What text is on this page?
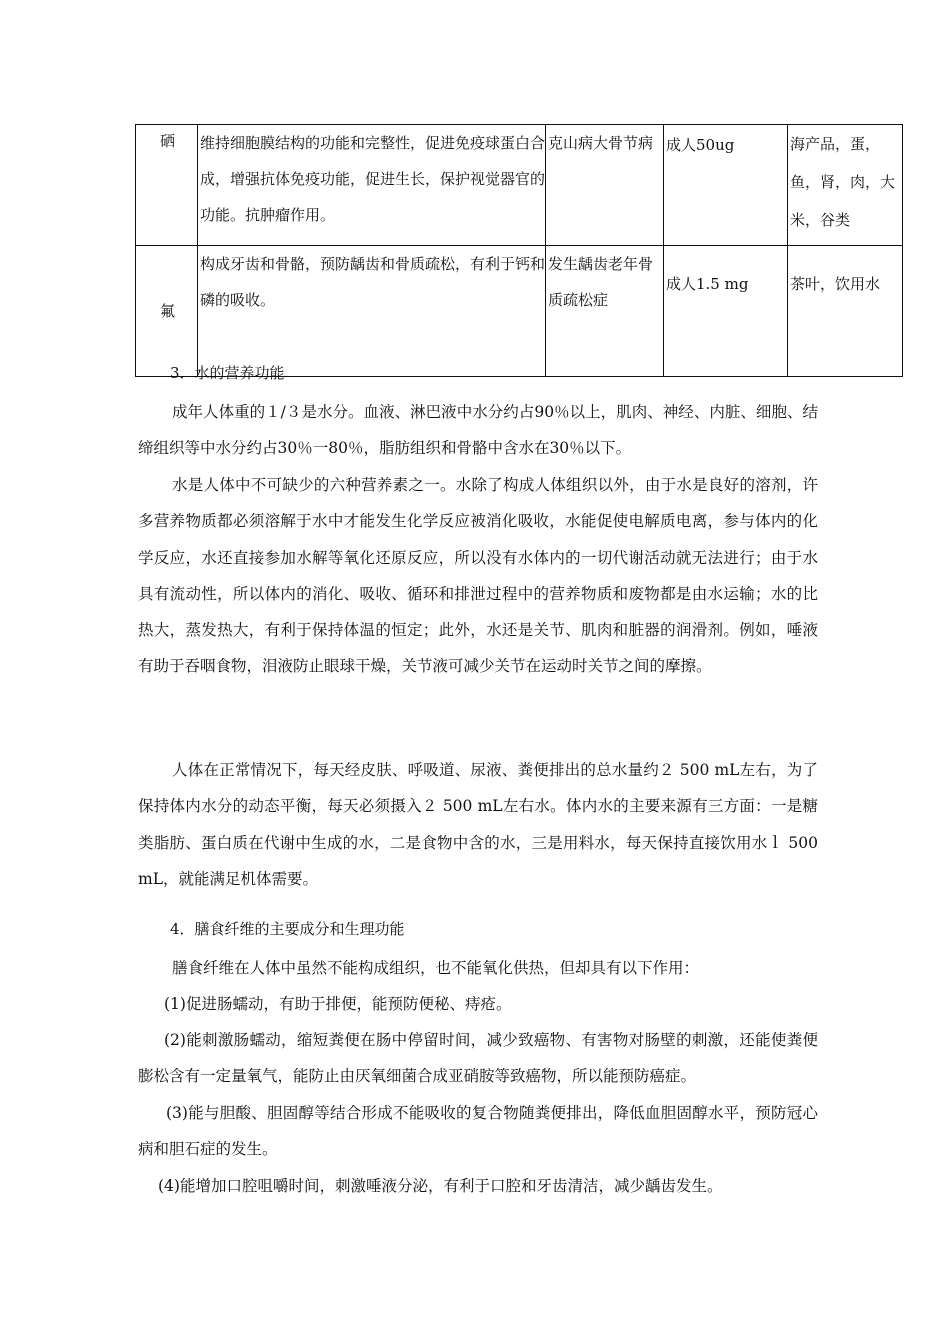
硒	维持细胞膜结构的功能和完整性，促进免疫球蛋白合成，增强抗体免疫功能，促进生长，保护视觉器官的功能。抗肿瘤作用。	克山病大骨节病	成人50ug	海产品，蛋，鱼，肾，肉，大米，谷类
氟	构成牙齿和骨骼，预防龋齿和骨质疏松，有利于钙和磷的吸收。	发生龋齿老年骨质疏松症	成人1.5 mg	茶叶，饮用水
3．水的营养功能
成年人体重的１/３是水分。血液、淋巴液中水分约占90％以上，肌肉、神经、内脏、细胞、结缔组织等中水分约占30％一80％，脂肪组织和骨骼中含水在30％以下。
水是人体中不可缺少的六种营养素之一。水除了构成人体组织以外，由于水是良好的溶剂，许多营养物质都必须溶解于水中才能发生化学反应被消化吸收，水能促使电解质电离，参与体内的化学反应，水还直接参加水解等氧化还原反应，所以没有水体内的一切代谢活动就无法进行；由于水具有流动性，所以体内的消化、吸收、循环和排泄过程中的营养物质和废物都是由水运输；水的比热大，蒸发热大，有利于保持体温的恒定；此外，水还是关节、肌肉和脏器的润滑剂。例如，唾液有助于吞咽食物，泪液防止眼球干燥，关节液可减少关节在运动时关节之间的摩擦。
人体在正常情况下，每天经皮肤、呼吸道、尿液、粪便排出的总水量约２ 500 mL左右，为了保持体内水分的动态平衡，每天必须摄入２ 500 mL左右水。体内水的主要来源有三方面：一是糖类脂肪、蛋白质在代谢中生成的水，二是食物中含的水，三是用料水，每天保持直接饮用水ｌ 500 mL，就能满足机体需要。
4．膳食纤维的主要成分和生理功能
膳食纤维在人体中虽然不能构成组织，也不能氧化供热，但却具有以下作用：
(1)促进肠蠕动，有助于排便，能预防便秘、痔疮。
(2)能刺激肠蠕动，缩短粪便在肠中停留时间，减少致癌物、有害物对肠壁的刺激，还能使粪便膨松含有一定量氧气，能防止由厌氧细菌合成亚硝胺等致癌物，所以能预防癌症。
(3)能与胆酸、胆固醇等结合形成不能吸收的复合物随粪便排出，降低血胆固醇水平，预防冠心病和胆石症的发生。
(4)能增加口腔咀嚼时间，刺激唾液分泌，有利于口腔和牙齿清洁，减少龋齿发生。
